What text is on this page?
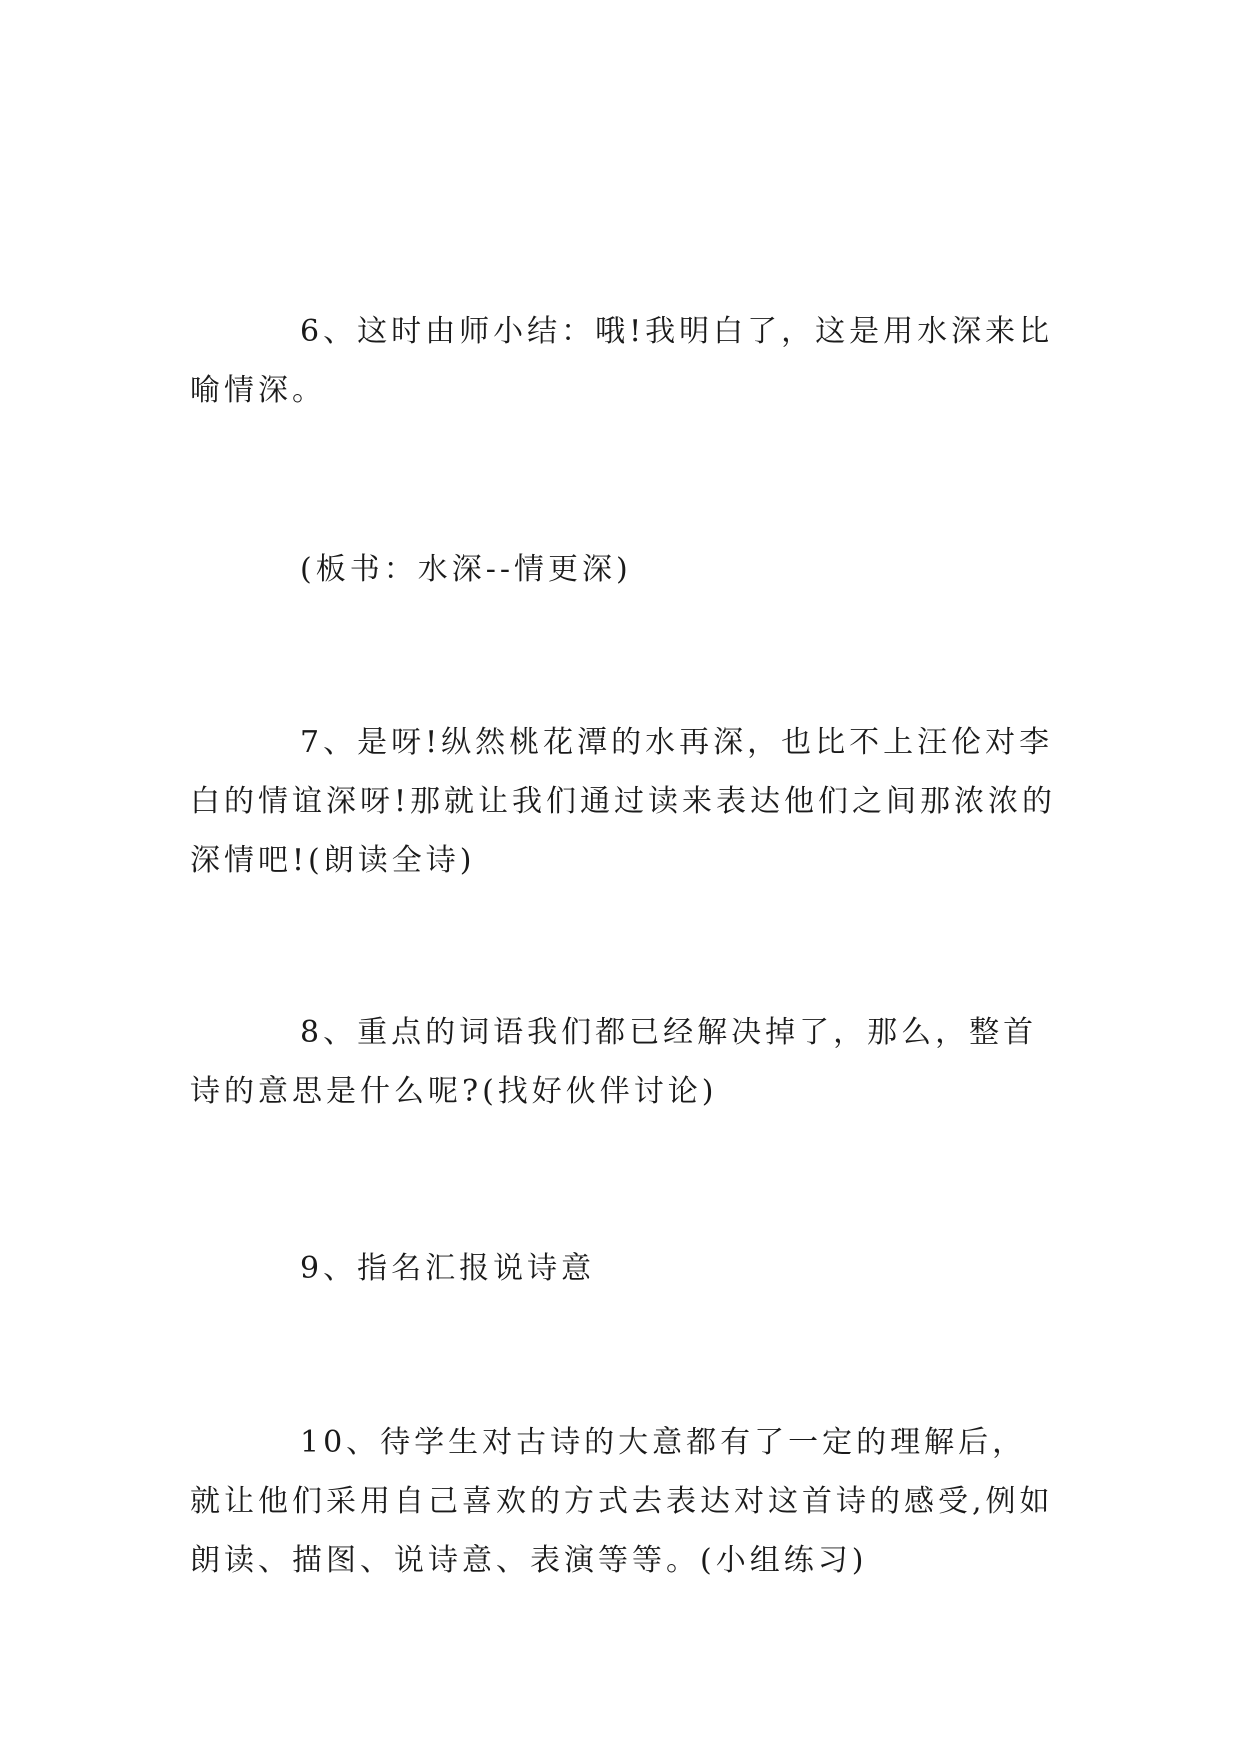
6、这时由师小结：哦!我明白了，这是用水深来比喻情深。

(板书：水深--情更深)

7、是呀!纵然桃花潭的水再深，也比不上汪伦对李白的情谊深呀!那就让我们通过读来表达他们之间那浓浓的深情吧!(朗读全诗)

8、重点的词语我们都已经解决掉了，那么，整首诗的意思是什么呢?(找好伙伴讨论)

9、指名汇报说诗意

10、待学生对古诗的大意都有了一定的理解后，就让他们采用自己喜欢的方式去表达对这首诗的感受,例如朗读、描图、说诗意、表演等等。(小组练习)
